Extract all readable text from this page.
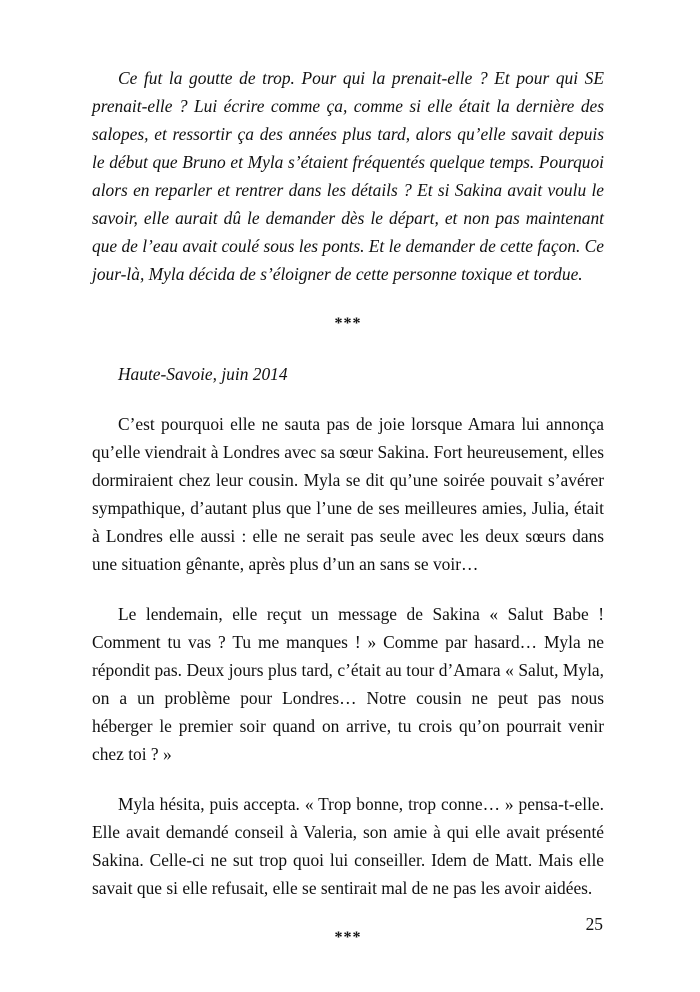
Ce fut la goutte de trop. Pour qui la prenait-elle ? Et pour qui SE prenait-elle ? Lui écrire comme ça, comme si elle était la dernière des salopes, et ressortir ça des années plus tard, alors qu’elle savait depuis le début que Bruno et Myla s’étaient fréquentés quelque temps. Pourquoi alors en reparler et rentrer dans les détails ? Et si Sakina avait voulu le savoir, elle aurait dû le demander dès le départ, et non pas maintenant que de l’eau avait coulé sous les ponts. Et le demander de cette façon. Ce jour-là, Myla décida de s’éloigner de cette personne toxique et tordue.

***

Haute-Savoie, juin 2014

C’est pourquoi elle ne sauta pas de joie lorsque Amara lui annonça qu’elle viendrait à Londres avec sa sœur Sakina. Fort heureusement, elles dormiraient chez leur cousin. Myla se dit qu’une soirée pouvait s’avérer sympathique, d’autant plus que l’une de ses meilleures amies, Julia, était à Londres elle aussi : elle ne serait pas seule avec les deux sœurs dans une situation gênante, après plus d’un an sans se voir…

Le lendemain, elle reçut un message de Sakina « Salut Babe ! Comment tu vas ? Tu me manques ! » Comme par hasard… Myla ne répondit pas. Deux jours plus tard, c’était au tour d’Amara « Salut, Myla, on a un problème pour Londres… Notre cousin ne peut pas nous héberger le premier soir quand on arrive, tu crois qu’on pourrait venir chez toi ? »

Myla hésita, puis accepta. « Trop bonne, trop conne… » pensa-t-elle. Elle avait demandé conseil à Valeria, son amie à qui elle avait présenté Sakina. Celle-ci ne sut trop quoi lui conseiller. Idem de Matt. Mais elle savait que si elle refusait, elle se sentirait mal de ne pas les avoir aidées.

***
25
